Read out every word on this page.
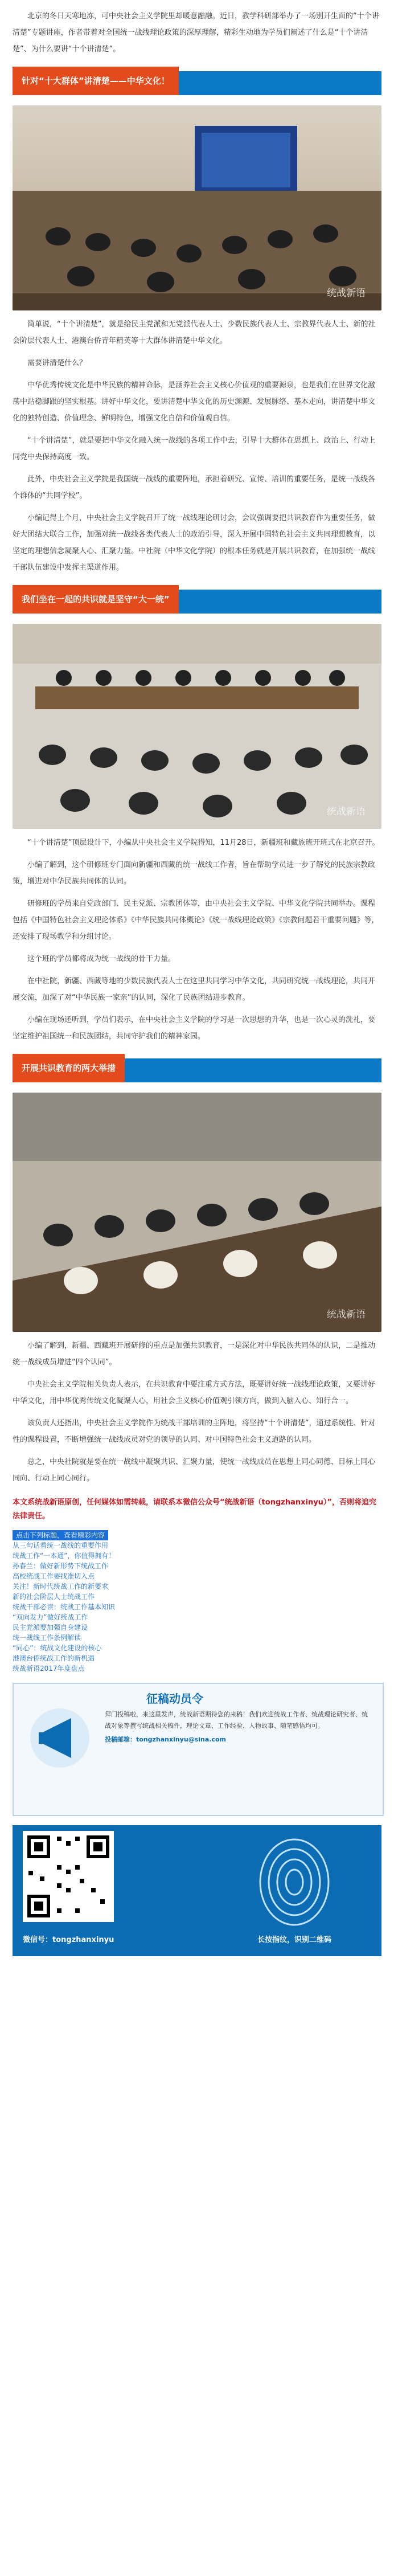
北京的冬日天寒地冻，可中央社会主义学院里却暖意融融。近日，教学科研部举办了一场别开生面的“十个讲清楚”专题讲座，作者带着对全国统一战线理论政策的深厚理解，精彩生动地为学员们阐述了什么是“十个讲清楚”、为什么要讲“十个讲清楚”。

针对“十大群体”讲清楚——中华文化！
统战新语

简单说，“十个讲清楚”，就是给民主党派和无党派代表人士、少数民族代表人士、宗教界代表人士、新的社会阶层代表人士、港澳台侨青年精英等十大群体讲清楚中华文化。

需要讲清楚什么？

中华优秀传统文化是中华民族的精神命脉，是涵养社会主义核心价值观的重要源泉，也是我们在世界文化激荡中站稳脚跟的坚实根基。讲好中华文化，要讲清楚中华文化的历史渊源、发展脉络、基本走向，讲清楚中华文化的独特创造、价值理念、鲜明特色，增强文化自信和价值观自信。

“十个讲清楚”，就是要把中华文化融入统一战线的各项工作中去，引导十大群体在思想上、政治上、行动上同党中央保持高度一致。

此外，中央社会主义学院是我国统一战线的重要阵地，承担着研究、宣传、培训的重要任务，是统一战线各个群体的“共同学校”。

小编记得上个月，中央社会主义学院召开了统一战线理论研讨会，会议强调要把共识教育作为重要任务，做好大团结大联合工作，加强对统一战线各类代表人士的政治引导，深入开展中国特色社会主义共同理想教育，以坚定的理想信念凝聚人心、汇聚力量。中社院（中华文化学院）的根本任务就是开展共识教育，在加强统一战线干部队伍建设中发挥主渠道作用。

我们坐在一起的共识就是坚守“大一统”
统战新语

“十个讲清楚”顶层设计下，小编从中央社会主义学院得知，11月28日，新疆班和藏族班开班式在北京召开。

小编了解到，这个研修班专门面向新疆和西藏的统一战线工作者，旨在帮助学员进一步了解党的民族宗教政策，增进对中华民族共同体的认同。

研修班的学员来自党政部门、民主党派、宗教团体等，由中央社会主义学院、中华文化学院共同举办。课程包括《中国特色社会主义理论体系》《中华民族共同体概论》《统一战线理论政策》《宗教问题若干重要问题》等，还安排了现场教学和分组讨论。

这个班的学员都将成为统一战线的骨干力量。

在中社院，新疆、西藏等地的少数民族代表人士在这里共同学习中华文化，共同研究统一战线理论，共同开展交流，加深了对“中华民族一家亲”的认同，深化了民族团结进步教育。

小编在现场还听到，学员们表示，在中央社会主义学院的学习是一次思想的升华，也是一次心灵的洗礼，要坚定维护祖国统一和民族团结，共同守护我们的精神家园。

开展共识教育的两大举措
统战新语

小编了解到，新疆、西藏班开展研修的重点是加强共识教育，一是深化对中华民族共同体的认识，二是推动统一战线成员增进“四个认同”。

中央社会主义学院相关负责人表示，在共识教育中要注重方式方法，既要讲好统一战线理论政策，又要讲好中华文化，用中华优秀传统文化凝聚人心，用社会主义核心价值观引领方向，做到入脑入心、知行合一。

该负责人还指出，中央社会主义学院作为统战干部培训的主阵地，将坚持“十个讲清楚”，通过系统性、针对性的课程设置，不断增强统一战线成员对党的领导的认同、对中国特色社会主义道路的认同。

总之，中央社院就是要在统一战线中凝聚共识、汇聚力量，使统一战线成员在思想上同心同德、目标上同心同向、行动上同心同行。

本文系统战新语原创，任何媒体如需转载，请联系本微信公众号“统战新语（tongzhanxinyu）”，否则将追究法律责任。

点击下列标题，查看精彩内容
从三句话看统一战线的重要作用
统战工作“一本通”，你值得拥有！
孙春兰：做好新形势下统战工作
高校统战工作要找准切入点
关注！新时代统战工作的新要求
新的社会阶层人士统战工作
统战干部必读：统战工作基本知识
“双向发力”做好统战工作
民主党派要加强自身建设
统一战线工作条例解读
“同心”：统战文化建设的核心
港澳台侨统战工作的新机遇
统战新语2017年度盘点
征稿动员令
拜门投稿啦，来这里发声，统战新语期待您的来稿！我们欢迎统战工作者、统战理论研究者、统战对象等撰写统战相关稿件，理论文章、工作经验、人物故事、随笔感悟均可。
投稿邮箱：tongzhanxinyu@sina.com
微信号：tongzhanxinyu	长按指纹，识别二维码
